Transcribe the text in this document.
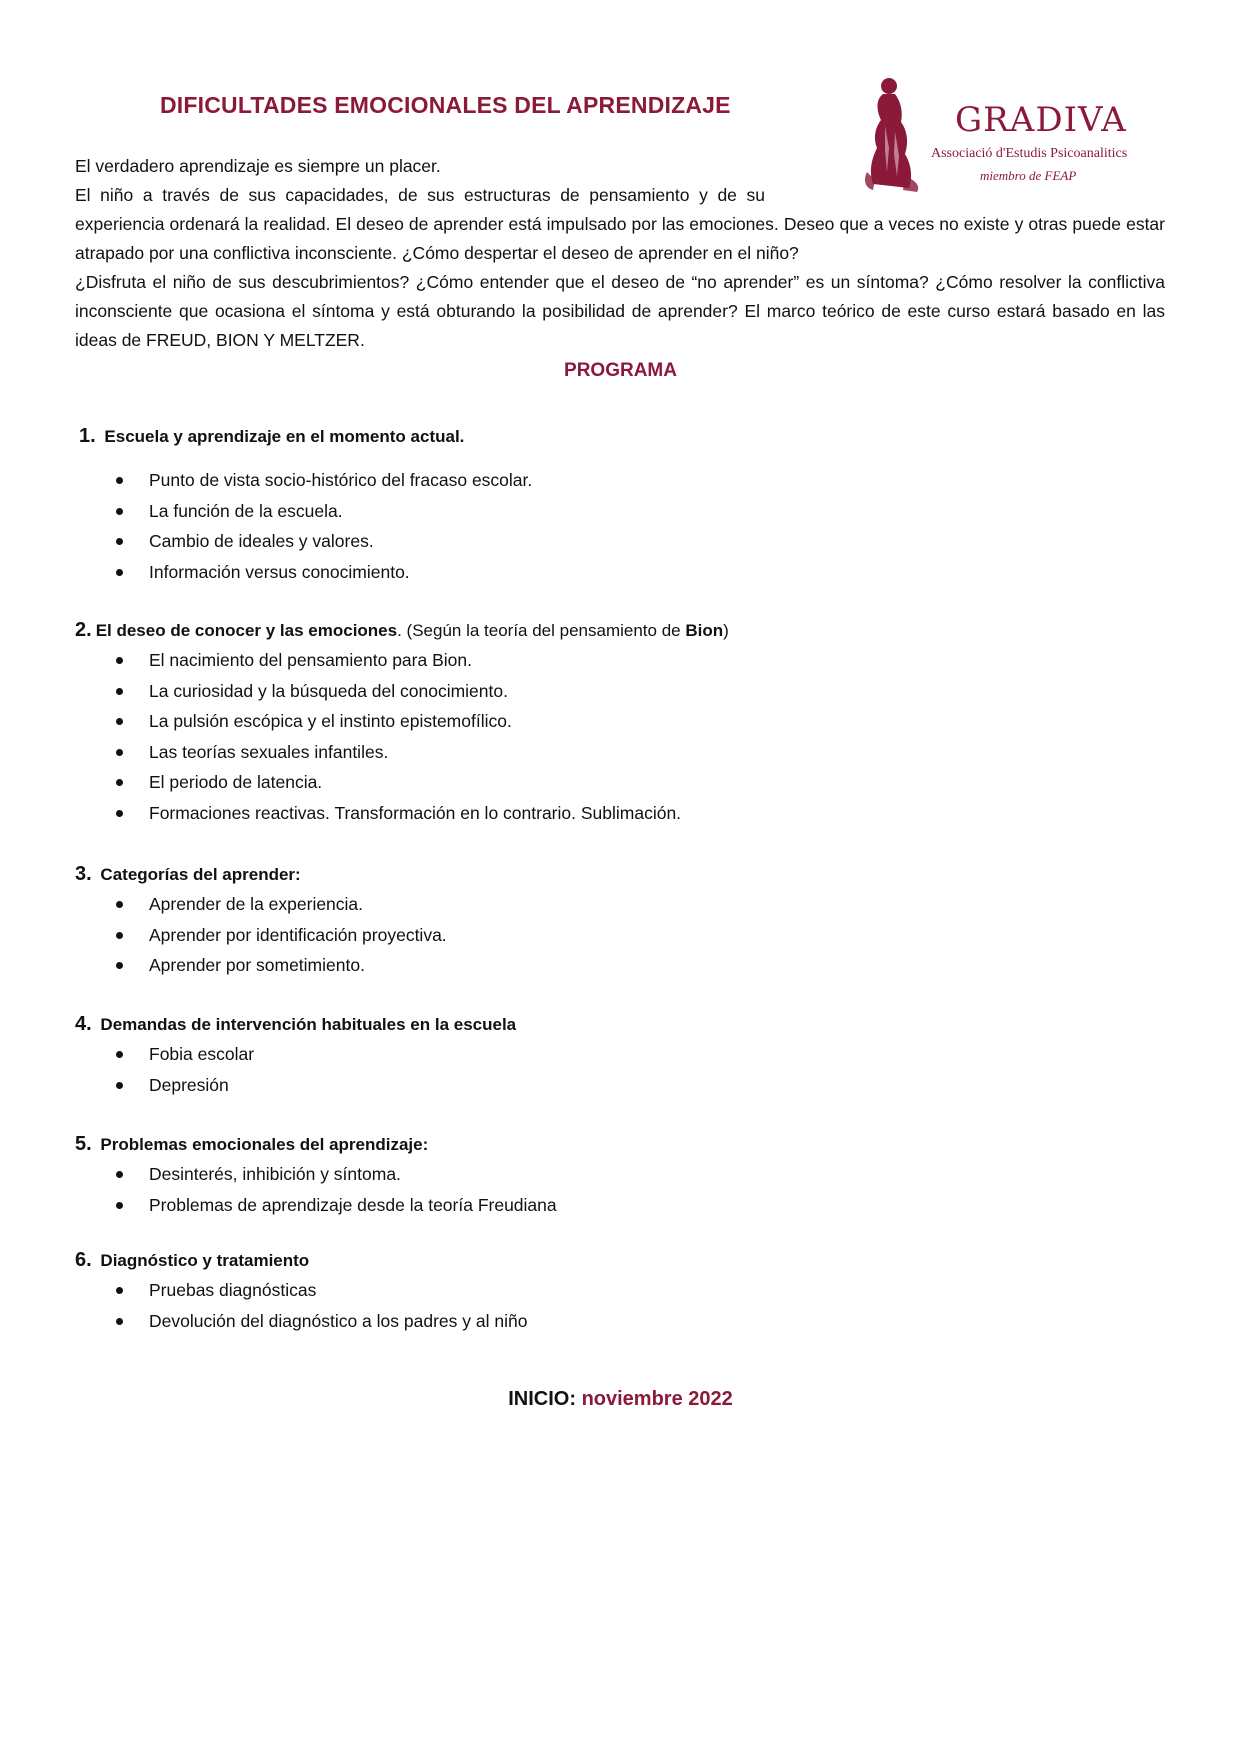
DIFICULTADES EMOCIONALES DEL APRENDIZAJE	GRADIVA
Associació d'Estudis Psicoanalitics
miembro de FEAP

El verdadero aprendizaje es siempre un placer.

El niño a través de sus capacidades, de sus estructuras de pensamiento y de su

experiencia ordenará la realidad. El deseo de aprender está impulsado por las emociones. Deseo que a veces no existe y otras puede estar atrapado por una conflictiva inconsciente. ¿Cómo despertar el deseo de aprender en el niño?

¿Disfruta el niño de sus descubrimientos? ¿Cómo entender que el deseo de “no aprender” es un síntoma? ¿Cómo resolver la conflictiva inconsciente que ocasiona el síntoma y está obturando la posibilidad de aprender? El marco teórico de este curso estará basado en las ideas de FREUD, BION Y MELTZER.

PROGRAMA

1. Escuela y aprendizaje en el momento actual.

Punto de vista socio-histórico del fracaso escolar.
La función de la escuela.
Cambio de ideales y valores.
Información versus conocimiento.

2. El deseo de conocer y las emociones. (Según la teoría del pensamiento de Bion)

El nacimiento del pensamiento para Bion.
La curiosidad y la búsqueda del conocimiento.
La pulsión escópica y el instinto epistemofílico.
Las teorías sexuales infantiles.
El periodo de latencia.
Formaciones reactivas. Transformación en lo contrario. Sublimación.

3. Categorías del aprender:

Aprender de la experiencia.
Aprender por identificación proyectiva.
Aprender por sometimiento.

4. Demandas de intervención habituales en la escuela

Fobia escolar
Depresión

5. Problemas emocionales del aprendizaje:

Desinterés, inhibición y síntoma.
Problemas de aprendizaje desde la teoría Freudiana

6. Diagnóstico y tratamiento

Pruebas diagnósticas
Devolución del diagnóstico a los padres y al niño
INICIO: noviembre 2022
